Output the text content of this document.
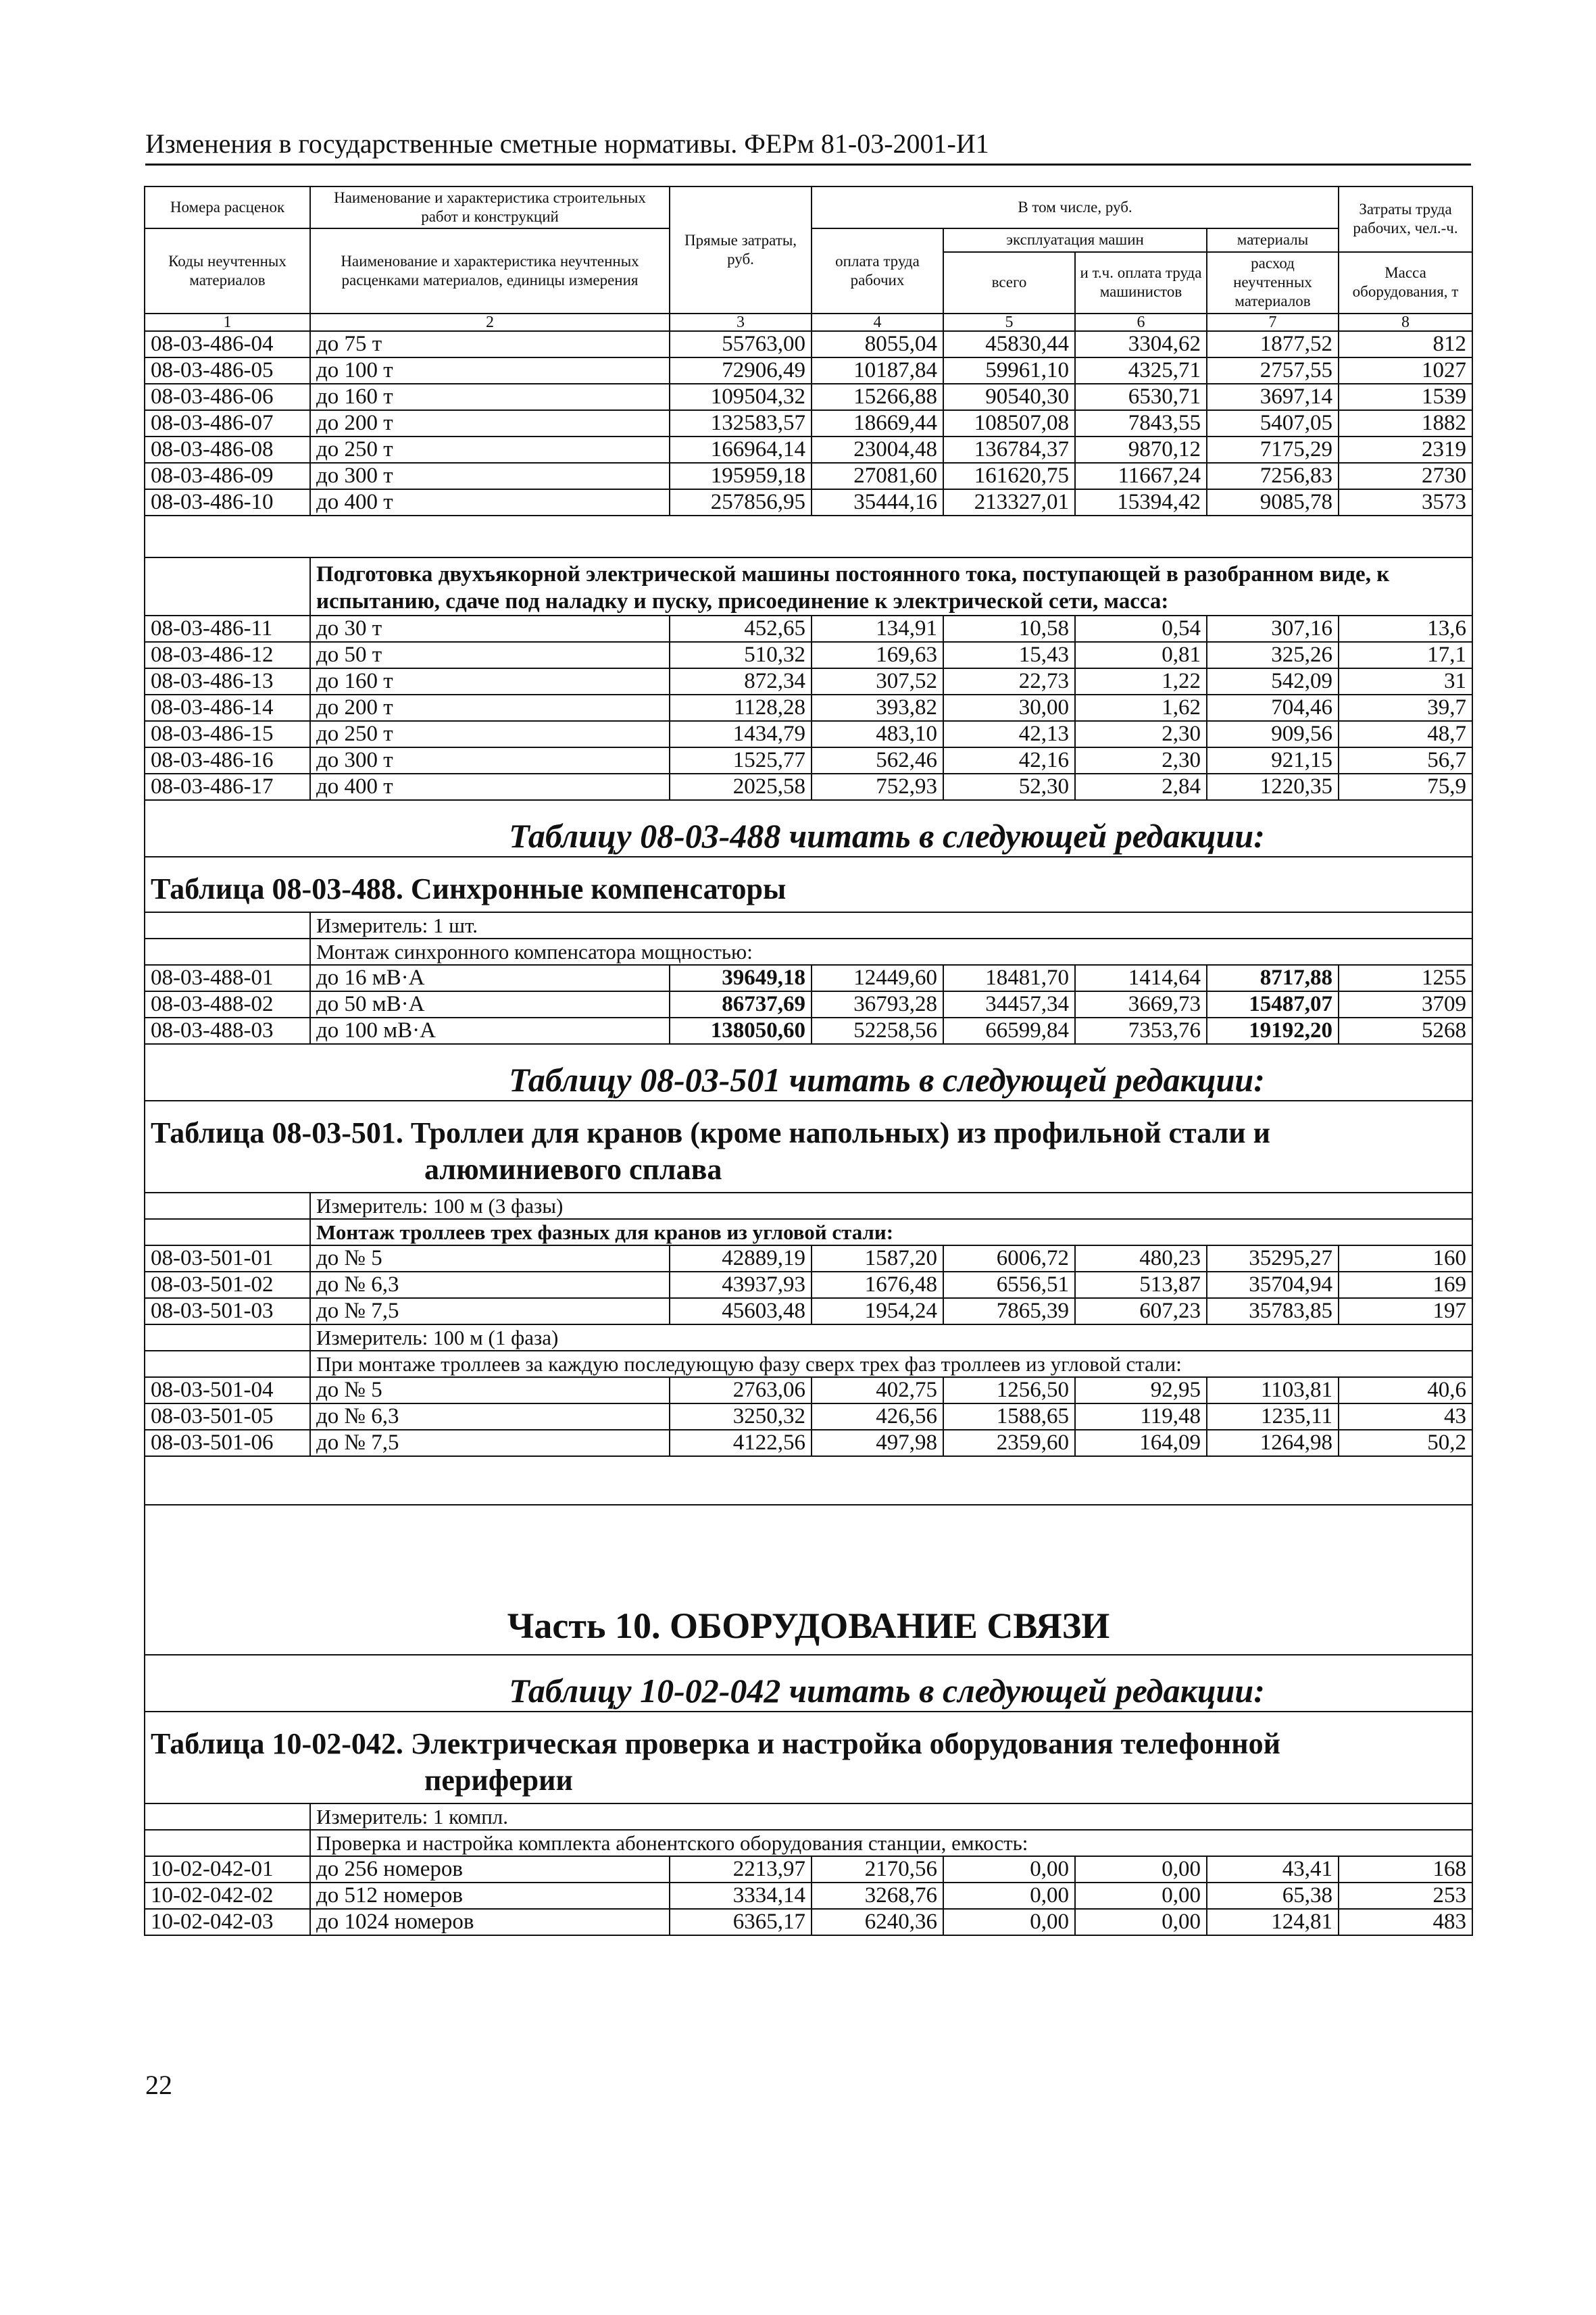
Изменения в государственные сметные нормативы. ФЕРм 81-03-2001-И1
Номера расценок	Наименование и характеристика строительных работ и конструкций	Прямые затраты, руб.	В том числе, руб.				Затраты труда рабочих, чел.-ч.
Коды неучтенных материалов	Наименование и характеристика неучтенных расценками материалов, единицы измерения		оплата труда рабочих	эксплуатация машин		материалы	
				всего	и т.ч. оплата труда машинистов	расход неучтенных материалов	Масса оборудования, т
1	2	3	4	5	6	7	8
08-03-486-04	до 75 т	55763,00	8055,04	45830,44	3304,62	1877,52	812
08-03-486-05	до 100 т	72906,49	10187,84	59961,10	4325,71	2757,55	1027
08-03-486-06	до 160 т	109504,32	15266,88	90540,30	6530,71	3697,14	1539
08-03-486-07	до 200 т	132583,57	18669,44	108507,08	7843,55	5407,05	1882
08-03-486-08	до 250 т	166964,14	23004,48	136784,37	9870,12	7175,29	2319
08-03-486-09	до 300 т	195959,18	27081,60	161620,75	11667,24	7256,83	2730
08-03-486-10	до 400 т	257856,95	35444,16	213327,01	15394,42	9085,78	3573

	Подготовка двухъякорной электрической машины постоянного тока, поступающей в разобранном виде, к испытанию, сдаче под наладку и пуску, присоединение к электрической сети, масса:						
08-03-486-11	до 30 т	452,65	134,91	10,58	0,54	307,16	13,6
08-03-486-12	до 50 т	510,32	169,63	15,43	0,81	325,26	17,1
08-03-486-13	до 160 т	872,34	307,52	22,73	1,22	542,09	31
08-03-486-14	до 200 т	1128,28	393,82	30,00	1,62	704,46	39,7
08-03-486-15	до 250 т	1434,79	483,10	42,13	2,30	909,56	48,7
08-03-486-16	до 300 т	1525,77	562,46	42,16	2,30	921,15	56,7
08-03-486-17	до 400 т	2025,58	752,93	52,30	2,84	1220,35	75,9
Таблицу 08-03-488 читать в следующей редакции:							
Таблица 08-03-488. Синхронные компенсаторы							
	Измеритель: 1 шт.						
	Монтаж синхронного компенсатора мощностью:						
08-03-488-01	до 16 мВ·А	39649,18	12449,60	18481,70	1414,64	8717,88	1255
08-03-488-02	до 50 мВ·А	86737,69	36793,28	34457,34	3669,73	15487,07	3709
08-03-488-03	до 100 мВ·А	138050,60	52258,56	66599,84	7353,76	19192,20	5268
Таблицу 08-03-501 читать в следующей редакции:							
Таблица 08-03-501. Троллеи для кранов (кроме напольных) из профильной стали и
алюминиевого сплава							

	Измеритель: 100 м (3 фазы)						
	Монтаж троллеев трех фазных для кранов из угловой стали:						
08-03-501-01	до № 5	42889,19	1587,20	6006,72	480,23	35295,27	160
08-03-501-02	до № 6,3	43937,93	1676,48	6556,51	513,87	35704,94	169
08-03-501-03	до № 7,5	45603,48	1954,24	7865,39	607,23	35783,85	197
	Измеритель: 100 м (1 фаза)						
	При монтаже троллеев за каждую последующую фазу сверх трех фаз троллеев из угловой стали:						
08-03-501-04	до № 5	2763,06	402,75	1256,50	92,95	1103,81	40,6
08-03-501-05	до № 6,3	3250,32	426,56	1588,65	119,48	1235,11	43
08-03-501-06	до № 7,5	4122,56	497,98	2359,60	164,09	1264,98	50,2

Часть 10. ОБОРУДОВАНИЕ СВЯЗИ							
Таблицу 10-02-042 читать в следующей редакции:							
Таблица 10-02-042. Электрическая проверка и настройка оборудования телефонной
периферии							

	Измеритель: 1 компл.						
	Проверка и настройка комплекта абонентского оборудования станции, емкость:						
10-02-042-01	до 256 номеров	2213,97	2170,56	0,00	0,00	43,41	168
10-02-042-02	до 512 номеров	3334,14	3268,76	0,00	0,00	65,38	253
10-02-042-03	до 1024 номеров	6365,17	6240,36	0,00	0,00	124,81	483
22
